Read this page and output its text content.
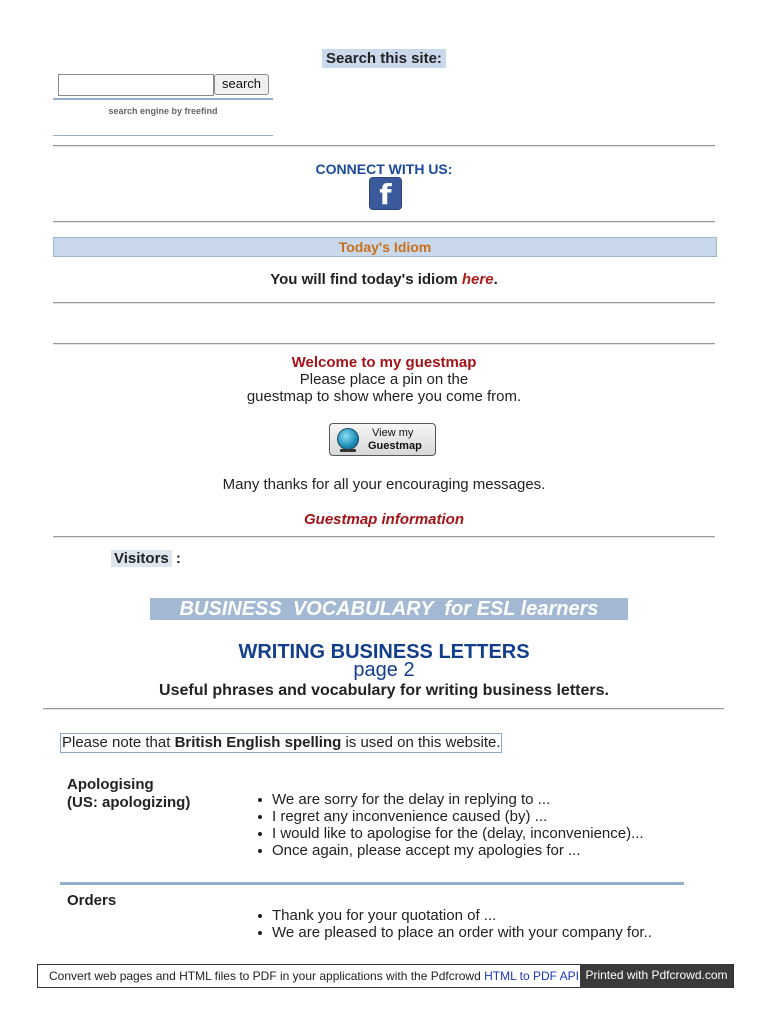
Search this site:
search
search engine by freefind
CONNECT WITH US:
f
Today's Idiom
You will find today's idiom here.
Welcome to my guestmap
Please place a pin on the
guestmap to show where you come from.
View my
Guestmap
Many thanks for all your encouraging messages.
Guestmap information
Visitors :
BUSINESS  VOCABULARY  for ESL learners
WRITING BUSINESS LETTERS
page 2
Useful phrases and vocabulary for writing business letters.
Please note that British English spelling is used on this website.
Apologising
(US: apologizing)	We are sorry for the delay in replying to ...
I regret any inconvenience caused (by) ...
I would like to apologise for the (delay, inconvenience)...
Once again, please accept my apologies for ...
Orders
Thank you for your quotation of ...
We are pleased to place an order with your company for..
Convert web pages and HTML files to PDF in your applications with the Pdfcrowd HTML to PDF API Printed with Pdfcrowd.com
